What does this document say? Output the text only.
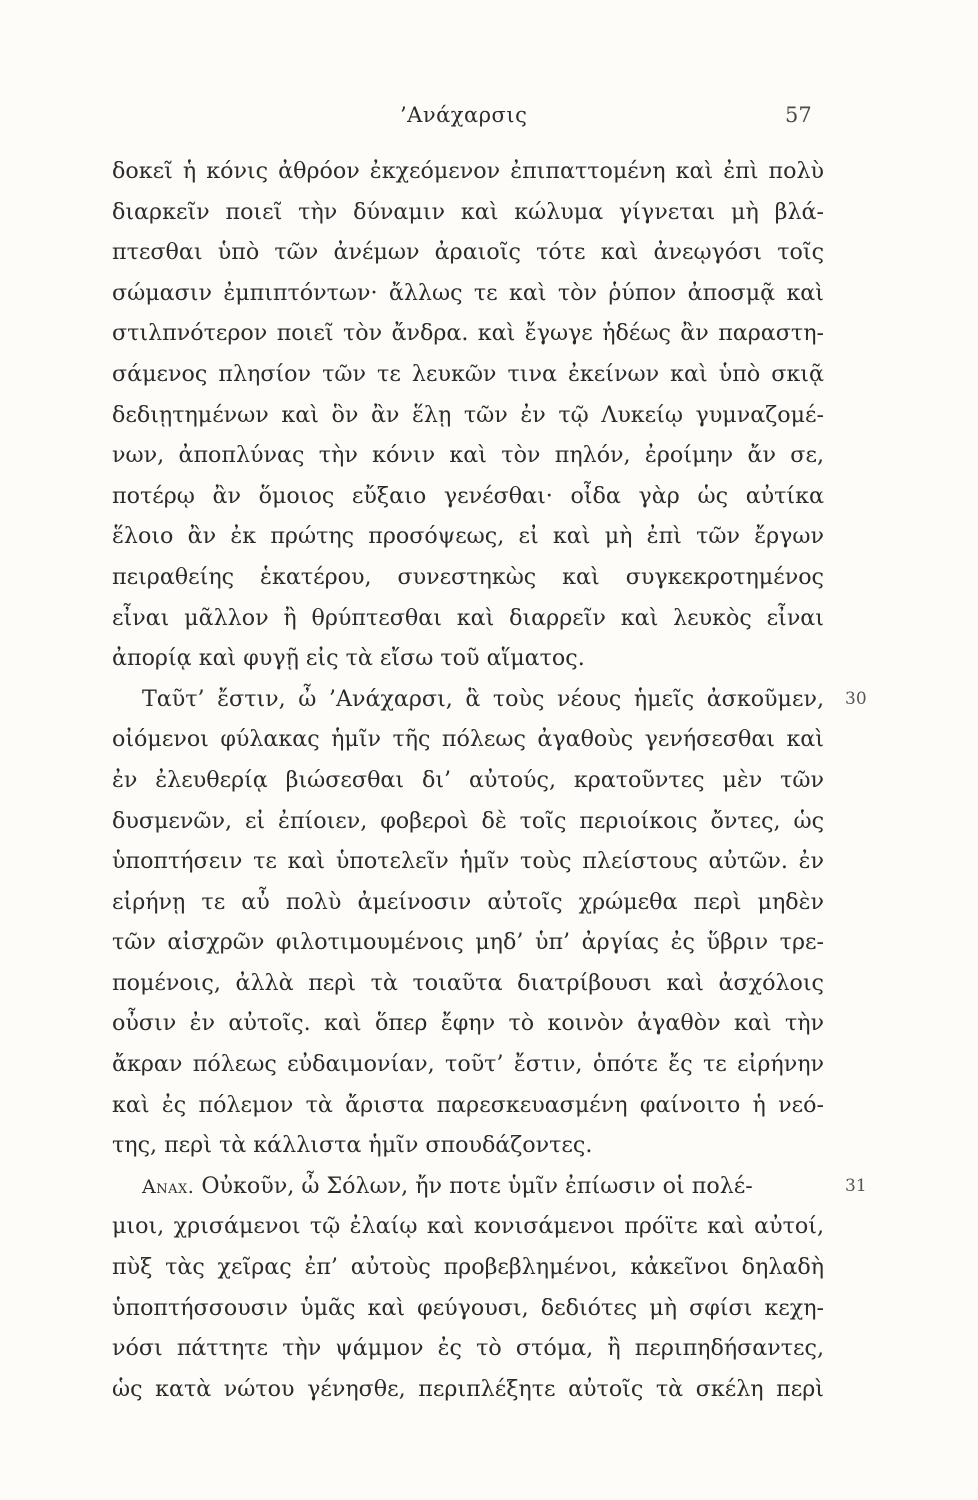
’Ανάχαρσις	57
δοκεῖ ἡ κόνις ἀθρόον ἐκχεόμενον ἐπιπαττομένη καὶ ἐπὶ πολὺ
διαρκεῖν ποιεῖ τὴν δύναμιν καὶ κώλυμα γίγνεται μὴ βλά-
πτεσθαι ὑπὸ τῶν ἀνέμων ἀραιοῖς τότε καὶ ἀνεῳγόσι τοῖς
σώμασιν ἐμπιπτόντων· ἄλλως τε καὶ τὸν ῥύπον ἀποσμᾷ καὶ
στιλπνότερον ποιεῖ τὸν ἄνδρα. καὶ ἔγωγε ἡδέως ἂν παραστη-
σάμενος πλησίον τῶν τε λευκῶν τινα ἐκείνων καὶ ὑπὸ σκιᾷ
δεδιῃτημένων καὶ ὃν ἂν ἕλῃ τῶν ἐν τῷ Λυκείῳ γυμναζομέ-
νων, ἀποπλύνας τὴν κόνιν καὶ τὸν πηλόν, ἐροίμην ἄν σε,
ποτέρῳ ἂν ὅμοιος εὔξαιο γενέσθαι· οἶδα γὰρ ὡς αὐτίκα
ἕλοιο ἂν ἐκ πρώτης προσόψεως, εἰ καὶ μὴ ἐπὶ τῶν ἔργων
πειραθείης ἑκατέρου, συνεστηκὼς καὶ συγκεκροτημένος
εἶναι μᾶλλον ἢ θρύπτεσθαι καὶ διαρρεῖν καὶ λευκὸς εἶναι
ἀπορίᾳ καὶ φυγῇ εἰς τὰ εἴσω τοῦ αἵματος.
Ταῦτ’ ἔστιν, ὦ ’Ανάχαρσι, ἃ τοὺς νέους ἡμεῖς ἀσκοῦμεν, 30
οἰόμενοι φύλακας ἡμῖν τῆς πόλεως ἀγαθοὺς γενήσεσθαι καὶ
ἐν ἐλευθερίᾳ βιώσεσθαι δι’ αὐτούς, κρατοῦντες μὲν τῶν
δυσμενῶν, εἰ ἐπίοιεν, φοβεροὶ δὲ τοῖς περιοίκοις ὄντες, ὡς
ὑποπτήσειν τε καὶ ὑποτελεῖν ἡμῖν τοὺς πλείστους αὐτῶν. ἐν
εἰρήνῃ τε αὖ πολὺ ἀμείνοσιν αὐτοῖς χρώμεθα περὶ μηδὲν
τῶν αἰσχρῶν φιλοτιμουμένοις μηδ’ ὑπ’ ἀργίας ἐς ὕβριν τρε-
πομένοις, ἀλλὰ περὶ τὰ τοιαῦτα διατρίβουσι καὶ ἀσχόλοις
οὖσιν ἐν αὐτοῖς. καὶ ὅπερ ἔφην τὸ κοινὸν ἀγαθὸν καὶ τὴν
ἄκραν πόλεως εὐδαιμονίαν, τοῦτ’ ἔστιν, ὁπότε ἔς τε εἰρήνην
καὶ ἐς πόλεμον τὰ ἄριστα παρεσκευασμένη φαίνοιτο ἡ νεό-
της, περὶ τὰ κάλλιστα ἡμῖν σπουδάζοντες.
Anax. Οὐκοῦν, ὦ Σόλων, ἤν ποτε ὑμῖν ἐπίωσιν οἱ πολέ-	31
μιοι, χρισάμενοι τῷ ἐλαίῳ καὶ κονισάμενοι πρόϊτε καὶ αὐτοί,
πὺξ τὰς χεῖρας ἐπ’ αὐτοὺς προβεβλημένοι, κἀκεῖνοι δηλαδὴ
ὑποπτήσσουσιν ὑμᾶς καὶ φεύγουσι, δεδιότες μὴ σφίσι κεχη-
νόσι πάττητε τὴν ψάμμον ἐς τὸ στόμα, ἢ περιπηδήσαντες,
ὡς κατὰ νώτου γένησθε, περιπλέξητε αὐτοῖς τὰ σκέλη περὶ
